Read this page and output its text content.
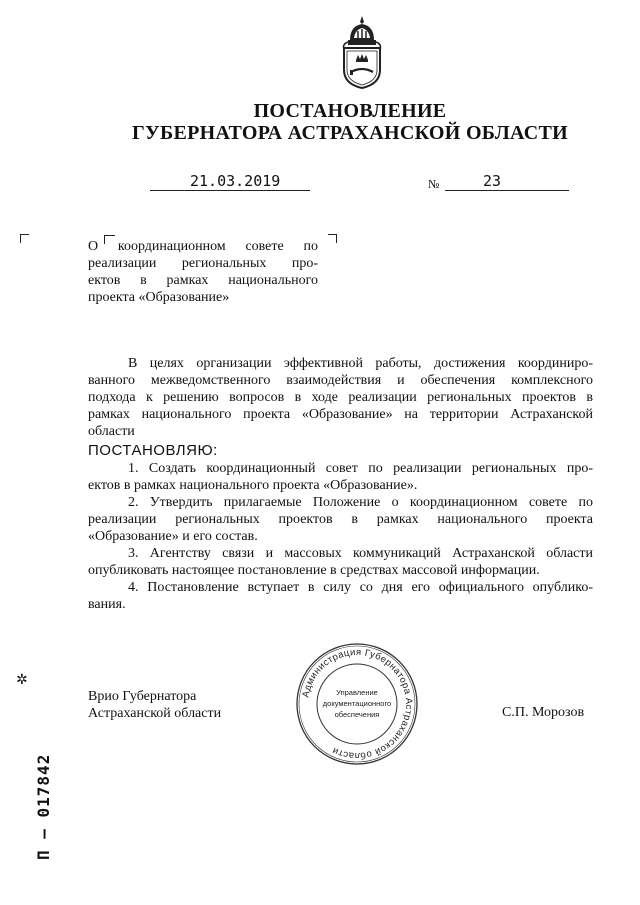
ПОСТАНОВЛЕНИЕ
ГУБЕРНАТОРА АСТРАХАНСКОЙ ОБЛАСТИ
21.03.2019	№	23
О координационном совете по
реализации региональных про-
ектов в рамках национального
проекта «Образование»
В целях организации эффективной работы, достижения координиро-
ванного межведомственного взаимодействия и обеспечения комплексного
подхода к решению вопросов в ходе реализации региональных проектов в
рамках национального проекта «Образование» на территории Астраханской
области
ПОСТАНОВЛЯЮ:
1. Создать координационный совет по реализации региональных про-
ектов в рамках национального проекта «Образование».
2. Утвердить прилагаемые Положение о координационном совете по
реализации региональных проектов в рамках национального проекта
«Образование» и его состав.
3. Агентству связи и массовых коммуникаций Астраханской области
опубликовать настоящее постановление в средствах массовой информации.
4. Постановление вступает в силу со дня его официального опублико-
вания.
Врио Губернатора
Астраханской области	С.П. Морозов
Администрация Губернатора Астраханской области
Управление
документационного
обеспечения
✲
П — 017842
